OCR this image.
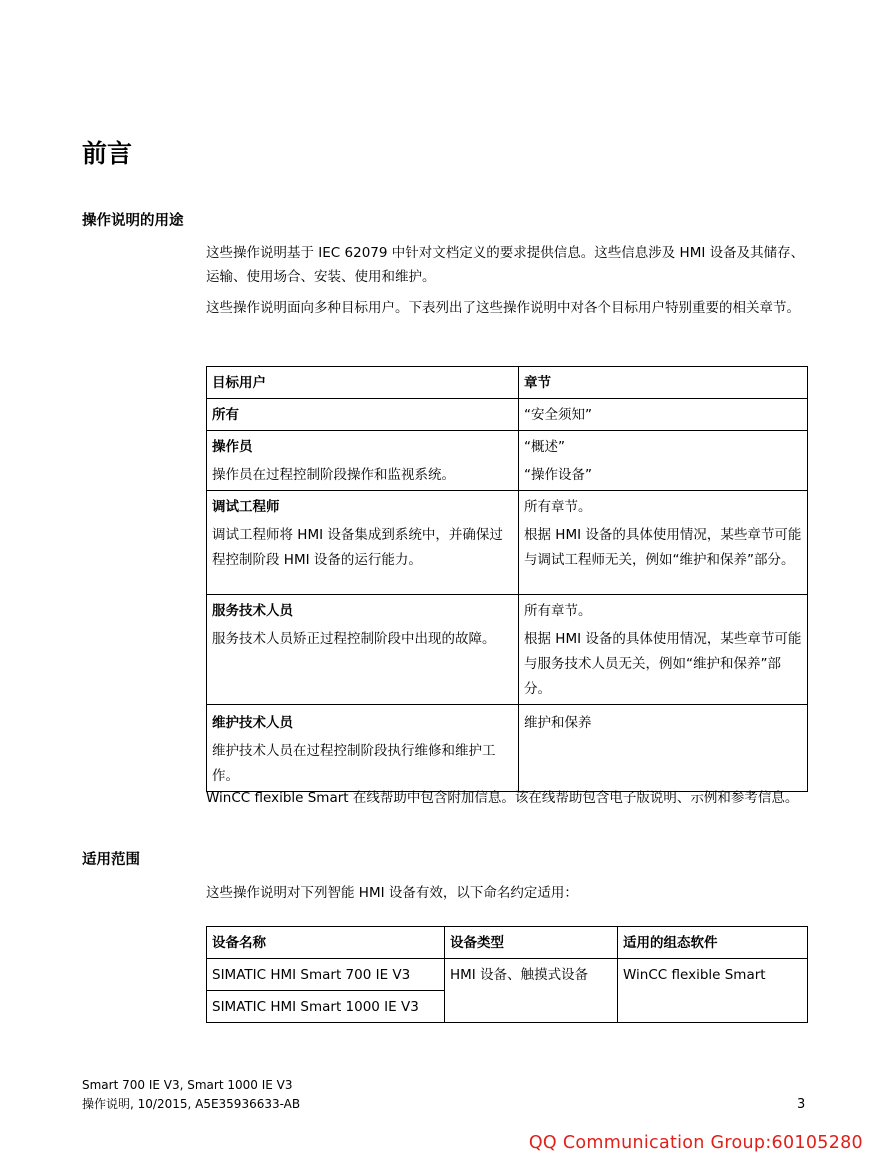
前言
操作说明的用途

这些操作说明基于 IEC 62079 中针对文档定义的要求提供信息。这些信息涉及 HMI 设备及其储存、运输、使用场合、安装、使用和维护。

这些操作说明面向多种目标用户。下表列出了这些操作说明中对各个目标用户特别重要的相关章节。

目标用户	章节

所有	“安全须知”

操作员
操作员在过程控制阶段操作和监视系统。	“概述”
“操作设备”

调试工程师
调试工程师将 HMI 设备集成到系统中，并确保过程控制阶段 HMI 设备的运行能力。	所有章节。
根据 HMI 设备的具体使用情况，某些章节可能与调试工程师无关，例如“维护和保养”部分。

服务技术人员
服务技术人员矫正过程控制阶段中出现的故障。	所有章节。
根据 HMI 设备的具体使用情况，某些章节可能与服务技术人员无关，例如“维护和保养”部分。

维护技术人员
维护技术人员在过程控制阶段执行维修和维护工作。	维护和保养

WinCC flexible Smart 在线帮助中包含附加信息。该在线帮助包含电子版说明、示例和参考信息。

适用范围

这些操作说明对下列智能 HMI 设备有效，以下命名约定适用：

设备名称	设备类型	适用的组态软件
SIMATIC HMI Smart 700 IE V3	HMI 设备、触摸式设备	WinCC flexible Smart
SIMATIC HMI Smart 1000 IE V3		

Smart 700 IE V3, Smart 1000 IE V3

操作说明, 10/2015, A5E35936633-AB	3
QQ Communication Group:60105280
